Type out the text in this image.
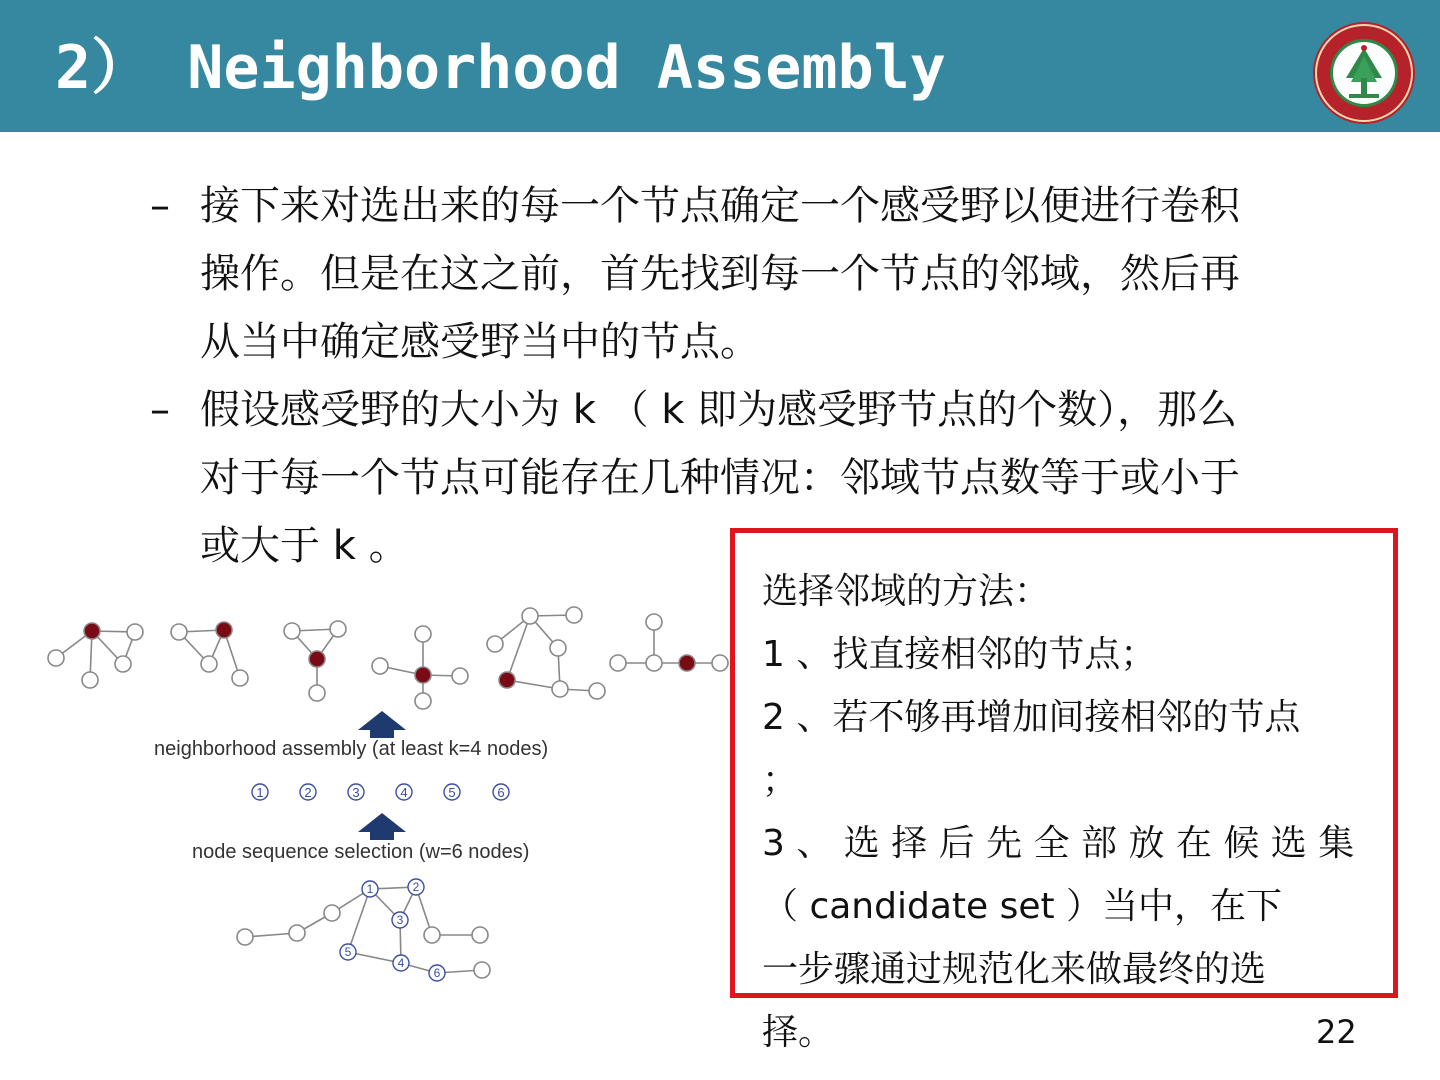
2） Neighborhood Assembly
– 接下来对选出来的每一个节点确定一个感受野以便进行卷积
操作。但是在这之前，首先找到每一个节点的邻域，然后再
从当中确定感受野当中的节点。
– 假设感受野的大小为 k （ k 即为感受野节点的个数），那么
对于每一个节点可能存在几种情况：邻域节点数等于或小于
或大于 k 。
neighborhood assembly (at least k=4 nodes)
1	2	3	4	5	6
node sequence selection (w=6 nodes)
1	2
3
4
5
6
选择邻域的方法：
1 、找直接相邻的节点；
2 、若不够再增加间接相邻的节点
；
3 、 选 择 后 先 全 部 放 在 候 选 集
（ candidate set ）当中，在下
一步骤通过规范化来做最终的选
择。	22
